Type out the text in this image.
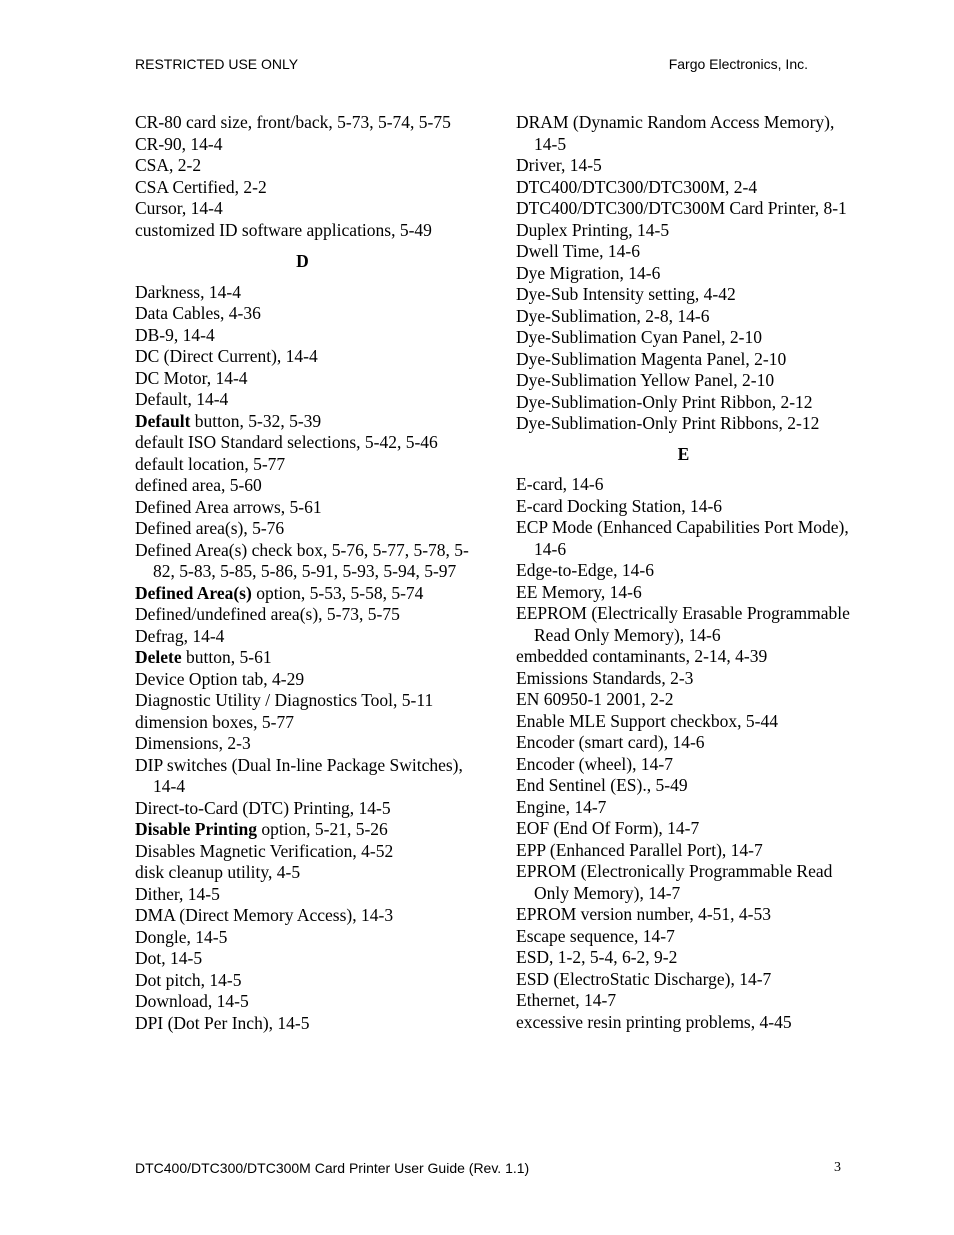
RESTRICTED USE ONLY	Fargo Electronics, Inc.
CR-80 card size, front/back, 5-73, 5-74, 5-75
CR-90, 14-4
CSA, 2-2
CSA Certified, 2-2
Cursor, 14-4
customized ID software applications, 5-49
D
Darkness, 14-4
Data Cables, 4-36
DB-9, 14-4
DC (Direct Current), 14-4
DC Motor, 14-4
Default, 14-4
Default button, 5-32, 5-39
default ISO Standard selections, 5-42, 5-46
default location, 5-77
defined area, 5-60
Defined Area arrows, 5-61
Defined area(s), 5-76
Defined Area(s) check box, 5-76, 5-77, 5-78, 5-82, 5-83, 5-85, 5-86, 5-91, 5-93, 5-94, 5-97
Defined Area(s) option, 5-53, 5-58, 5-74
Defined/undefined area(s), 5-73, 5-75
Defrag, 14-4
Delete button, 5-61
Device Option tab, 4-29
Diagnostic Utility / Diagnostics Tool, 5-11
dimension boxes, 5-77
Dimensions, 2-3
DIP switches (Dual In-line Package Switches), 14-4
Direct-to-Card (DTC) Printing, 14-5
Disable Printing option, 5-21, 5-26
Disables Magnetic Verification, 4-52
disk cleanup utility, 4-5
Dither, 14-5
DMA (Direct Memory Access), 14-3
Dongle, 14-5
Dot, 14-5
Dot pitch, 14-5
Download, 14-5
DPI (Dot Per Inch), 14-5
DRAM (Dynamic Random Access Memory), 14-5
Driver, 14-5
DTC400/DTC300/DTC300M, 2-4
DTC400/DTC300/DTC300M Card Printer, 8-1
Duplex Printing, 14-5
Dwell Time, 14-6
Dye Migration, 14-6
Dye-Sub Intensity setting, 4-42
Dye-Sublimation, 2-8, 14-6
Dye-Sublimation Cyan Panel, 2-10
Dye-Sublimation Magenta Panel, 2-10
Dye-Sublimation Yellow Panel, 2-10
Dye-Sublimation-Only Print Ribbon, 2-12
Dye-Sublimation-Only Print Ribbons, 2-12
E
E-card, 14-6
E-card Docking Station, 14-6
ECP Mode (Enhanced Capabilities Port Mode), 14-6
Edge-to-Edge, 14-6
EE Memory, 14-6
EEPROM (Electrically Erasable Programmable Read Only Memory), 14-6
embedded contaminants, 2-14, 4-39
Emissions Standards, 2-3
EN 60950-1 2001, 2-2
Enable MLE Support checkbox, 5-44
Encoder (smart card), 14-6
Encoder (wheel), 14-7
End Sentinel (ES)., 5-49
Engine, 14-7
EOF (End Of Form), 14-7
EPP (Enhanced Parallel Port), 14-7
EPROM (Electronically Programmable Read Only Memory), 14-7
EPROM version number, 4-51, 4-53
Escape sequence, 14-7
ESD, 1-2, 5-4, 6-2, 9-2
ESD (ElectroStatic Discharge), 14-7
Ethernet, 14-7
excessive resin printing problems, 4-45
DTC400/DTC300/DTC300M Card Printer User Guide (Rev. 1.1)	3
